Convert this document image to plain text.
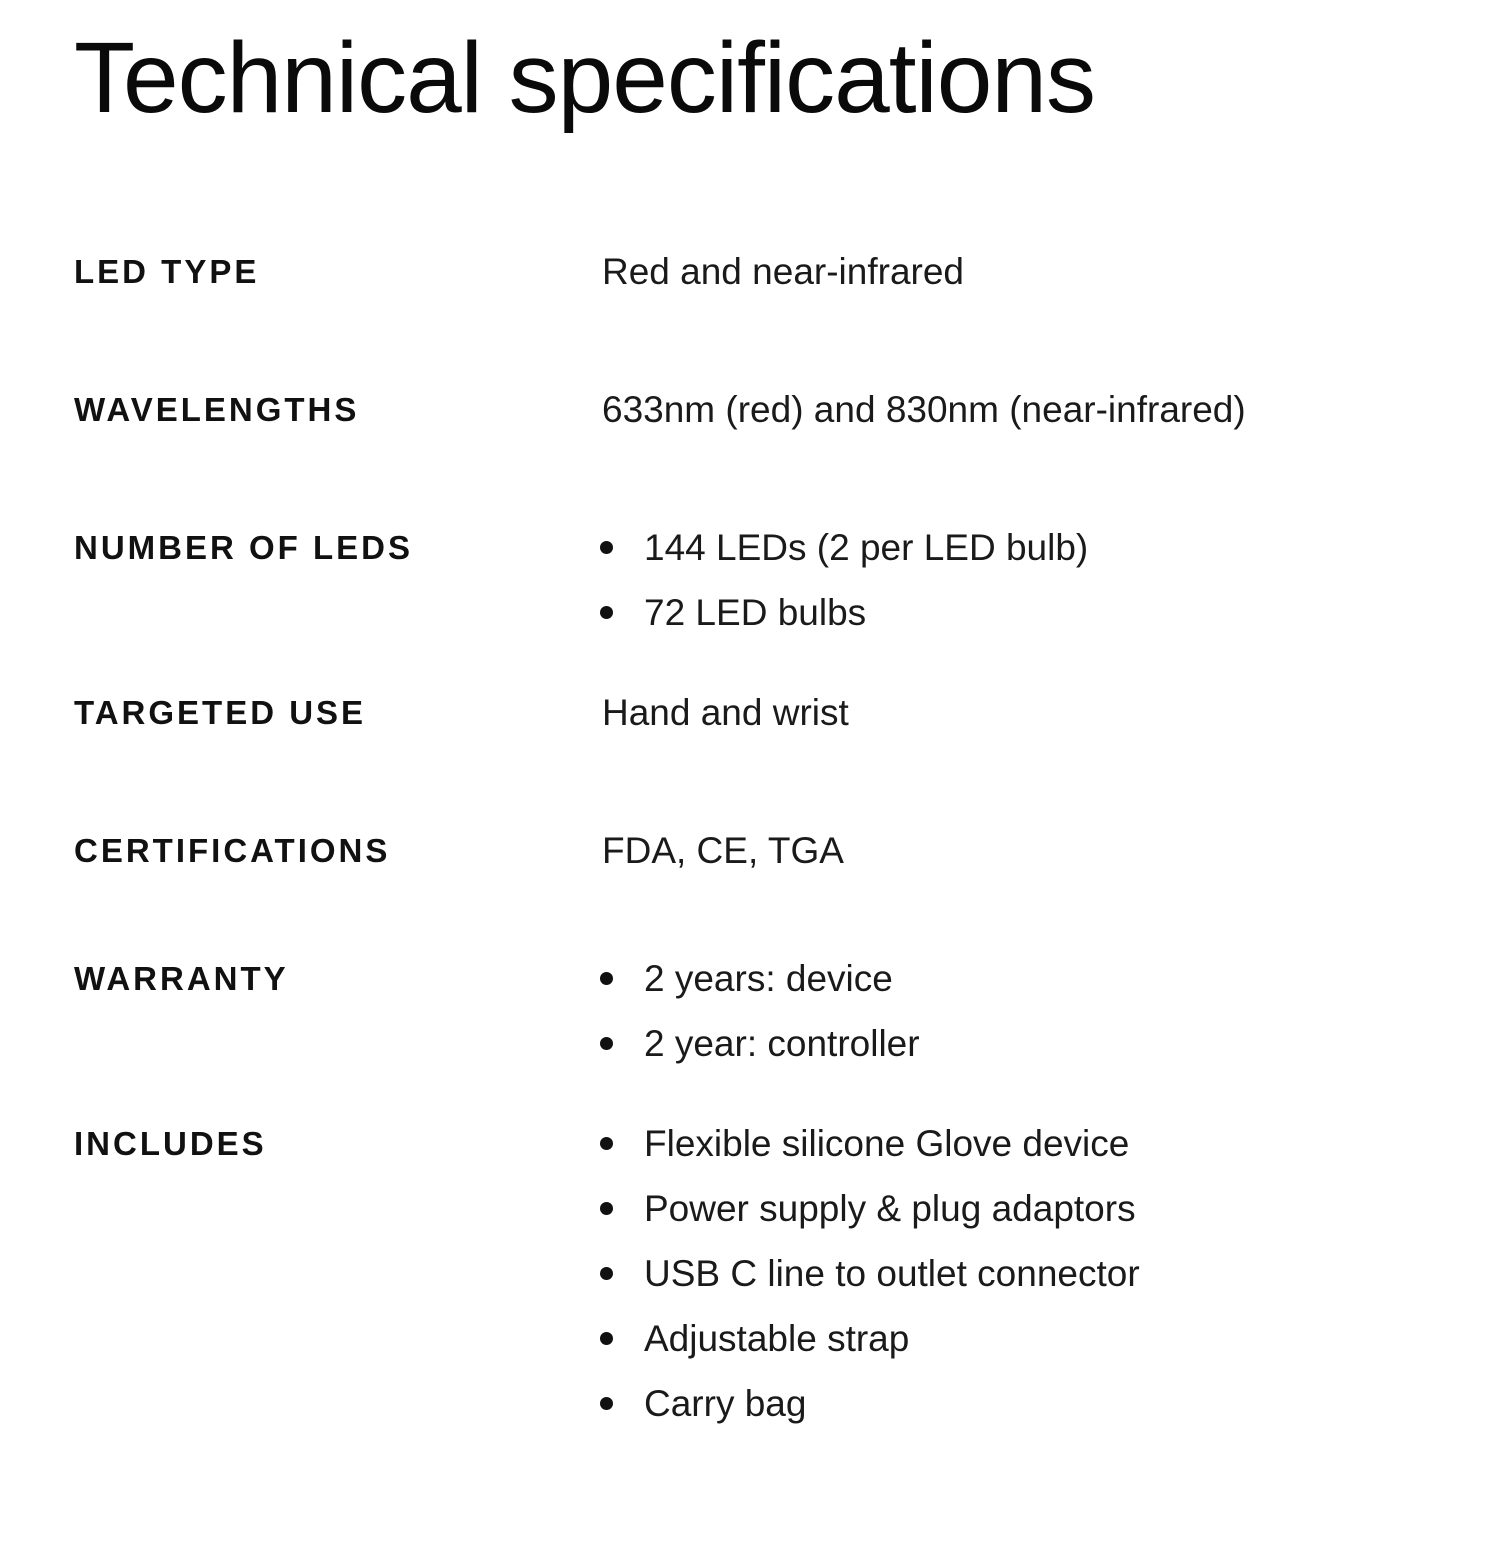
Technical specifications
LED TYPE	Red and near-infrared
WAVELENGTHS	633nm (red) and 830nm (near-infrared)
NUMBER OF LEDS	144 LEDs (2 per LED bulb)
72 LED bulbs
TARGETED USE	Hand and wrist
CERTIFICATIONS	FDA, CE, TGA
WARRANTY	2 years: device
2 year: controller
INCLUDES	Flexible silicone Glove device
Power supply & plug adaptors
USB C line to outlet connector
Adjustable strap
Carry bag
